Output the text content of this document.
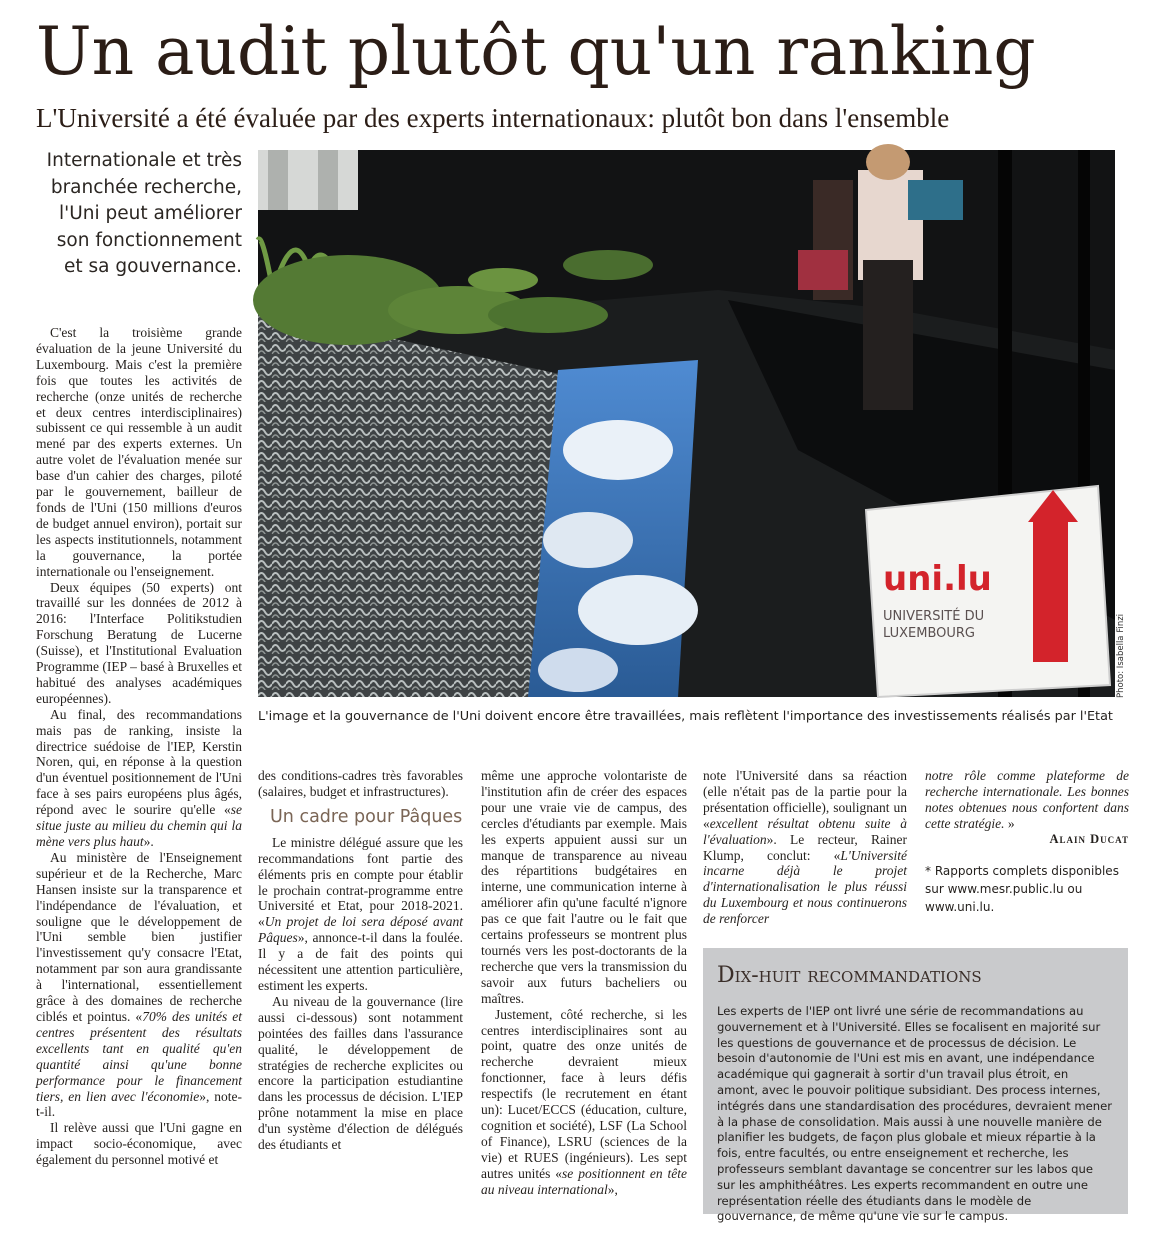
Un audit plutôt qu'un ranking
L'Université a été évaluée par des experts internationaux: plutôt bon dans l'ensemble
Internationale et très branchée recherche, l'Uni peut améliorer son fonctionnement et sa gouvernance.

C'est la troisième grande évaluation de la jeune Université du Luxembourg. Mais c'est la première fois que toutes les activités de recherche (onze unités de recherche et deux centres interdisciplinaires) subissent ce qui ressemble à un audit mené par des experts externes. Un autre volet de l'évaluation menée sur base d'un cahier des charges, piloté par le gouvernement, bailleur de fonds de l'Uni (150 millions d'euros de budget annuel environ), portait sur les aspects institutionnels, notamment la gouvernance, la portée internationale ou l'enseignement.

Deux équipes (50 experts) ont travaillé sur les données de 2012 à 2016: l'Interface Politikstudien Forschung Beratung de Lucerne (Suisse), et l'Institutional Evaluation Programme (IEP – basé à Bruxelles et habitué des analyses académiques européennes).

Au final, des recommandations mais pas de ranking, insiste la directrice suédoise de l'IEP, Kerstin Noren, qui, en réponse à la question d'un éventuel positionnement de l'Uni face à ses pairs européens plus âgés, répond avec le sourire qu'elle «se situe juste au milieu du chemin qui la mène vers plus haut».

Au ministère de l'Enseignement supérieur et de la Recherche, Marc Hansen insiste sur la transparence et l'indépendance de l'évaluation, et souligne que le développement de l'Uni semble bien justifier l'investissement qu'y consacre l'Etat, notamment par son aura grandissante à l'international, essentiellement grâce à des domaines de recherche ciblés et pointus. «70% des unités et centres présentent des résultats excellents tant en qualité qu'en quantité ainsi qu'une bonne performance pour le financement tiers, en lien avec l'économie», note-t-il.

Il relève aussi que l'Uni gagne en impact socio-économique, avec également du personnel motivé et

uni.lu
UNIVERSITÉ DU
LUXEMBOURG	Photo: Isabella Finzi
L'image et la gouvernance de l'Uni doivent encore être travaillées, mais reflètent l'importance des investissements réalisés par l'Etat

des conditions-cadres très favorables (salaires, budget et infrastructures).

Un cadre pour Pâques

Le ministre délégué assure que les recommandations font partie des éléments pris en compte pour établir le prochain contrat-programme entre Université et Etat, pour 2018-2021. «Un projet de loi sera déposé avant Pâques», annonce-t-il dans la foulée. Il y a de fait des points qui nécessitent une attention particulière, estiment les experts.

Au niveau de la gouvernance (lire aussi ci-dessous) sont notamment pointées des failles dans l'assurance qualité, le développement de stratégies de recherche explicites ou encore la participation estudiantine dans les processus de décision. L'IEP prône notamment la mise en place d'un système d'élection de délégués des étudiants et

même une approche volontariste de l'institution afin de créer des espaces pour une vraie vie de campus, des cercles d'étudiants par exemple. Mais les experts appuient aussi sur un manque de transparence au niveau des répartitions budgétaires en interne, une communication interne à améliorer afin qu'une faculté n'ignore pas ce que fait l'autre ou le fait que certains professeurs se montrent plus tournés vers les post-doctorants de la recherche que vers la transmission du savoir aux futurs bacheliers ou maîtres.

Justement, côté recherche, si les centres interdisciplinaires sont au point, quatre des onze unités de recherche devraient mieux fonctionner, face à leurs défis respectifs (le recrutement en étant un): Lucet/ECCS (éducation, culture, cognition et société), LSF (La School of Finance), LSRU (sciences de la vie) et RUES (ingénieurs). Les sept autres unités «se positionnent en tête au niveau international»,

note l'Université dans sa réaction (elle n'était pas de la partie pour la présentation officielle), soulignant un «excellent résultat obtenu suite à l'évaluation». Le recteur, Rainer Klump, conclut: «L'Université incarne déjà le projet d'internationalisation le plus réussi du Luxembourg et nous continuerons de renforcer

notre rôle comme plateforme de recherche internationale. Les bonnes notes obtenues nous confortent dans cette stratégie. »

Alain Ducat
* Rapports complets disponibles sur www.mesr.public.lu ou www.uni.lu.
Dix-huit recommandations
Les experts de l'IEP ont livré une série de recommandations au gouvernement et à l'Université. Elles se focalisent en majorité sur les questions de gouvernance et de processus de décision. Le besoin d'autonomie de l'Uni est mis en avant, une indépendance académique qui gagnerait à sortir d'un travail plus étroit, en amont, avec le pouvoir politique subsidiant. Des process internes, intégrés dans une standardisation des procédures, devraient mener à la phase de consolidation. Mais aussi à une nouvelle manière de planifier les budgets, de façon plus globale et mieux répartie à la fois, entre facultés, ou entre enseignement et recherche, les professeurs semblant davantage se concentrer sur les labos que sur les amphithéâtres. Les experts recommandent en outre une représentation réelle des étudiants dans le modèle de gouvernance, de même qu'une vie sur le campus.
